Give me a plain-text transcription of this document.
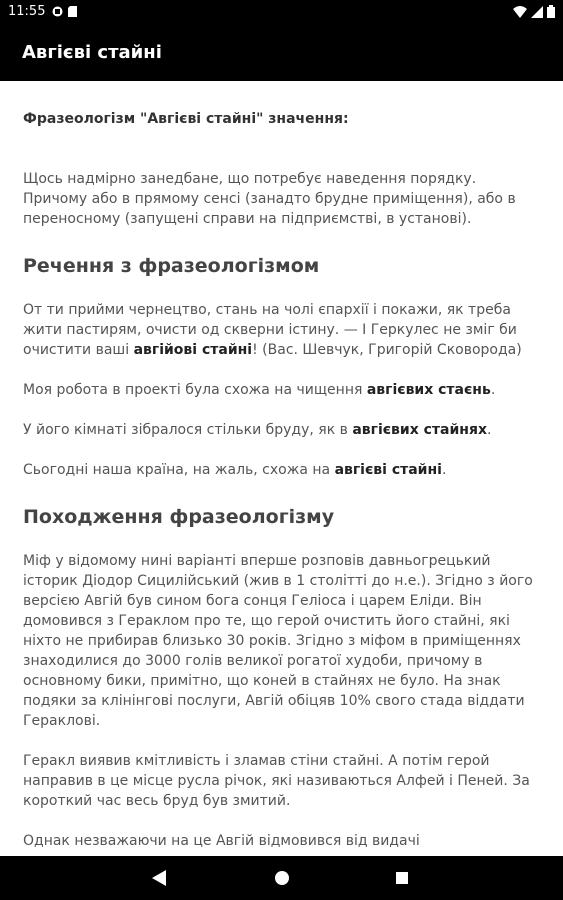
11:55
Авгієві стайні

Фразеологізм "Авгієві стайні" значення:

Щось надмірно занедбане, що потребує наведення порядку. Причому або в прямому сенсі (занадто брудне приміщення), або в переносному (запущені справи на підприємстві, в установі).

Речення з фразеологізмом

От ти прийми чернецтво, стань на чолі єпархії і покажи, як треба жити пастирям, очисти од скверни істину. — І Геркулес не зміг би очистити ваші авгійові стайні! (Вас. Шевчук, Григорій Сковорода)

Моя робота в проекті була схожа на чищення авгієвих стаєнь.

У його кімнаті зібралося стільки бруду, як в авгієвих стайнях.

Сьогодні наша країна, на жаль, схожа на авгієві стайні.

Походження фразеологізму

Міф у відомому нині варіанті вперше розповів давньогрецький історик Діодор Сицилійський (жив в 1 столітті до н.е.). Згідно з його версією Авгій був сином бога сонця Геліоса і царем Еліди. Він домовився з Гераклом про те, що герой очистить його стайні, які ніхто не прибирав близько 30 років. Згідно з міфом в приміщеннях знаходилися до 3000 голів великої рогатої худоби, причому в основному бики, примітно, що коней в стайнях не було. На знак подяки за клінінгові послуги, Авгій обіцяв 10% свого стада віддати Гераклові.

Геракл виявив кмітливість і зламав стіни стайні. А потім герой направив в це місце русла річок, які називаються Алфей і Пеней. За короткий час весь бруд був змитий.

Однак незважаючи на це Авгій відмовився від видачі
